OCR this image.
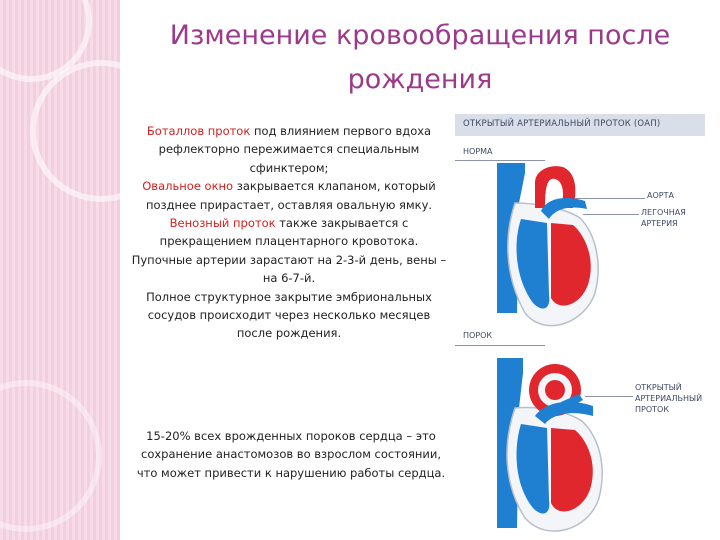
Изменение кровообращения после
рождения
Боталлов проток под влиянием первого вдоха рефлекторно пережимается специальным сфинктером;
Овальное окно закрывается клапаном, который позднее прирастает, оставляя овальную ямку.
Венозный проток также закрывается с прекращением плацентарного кровотока.
Пупочные артерии зарастают на 2-3-й день, вены – на 6-7-й.
Полное структурное закрытие эмбриональных сосудов происходит через несколько месяцев после рождения.
15-20% всех врожденных пороков сердца – это сохранение анастомозов во взрослом состоянии, что может привести к нарушению работы сердца.
ОТКРЫТЫЙ АРТЕРИАЛЬНЫЙ ПРОТОК (ОАП)
НОРМА
АОРТА
ЛЕГОЧНАЯ
АРТЕРИЯ
ПОРОК
ОТКРЫТЫЙ
АРТЕРИАЛЬНЫЙ
ПРОТОК
